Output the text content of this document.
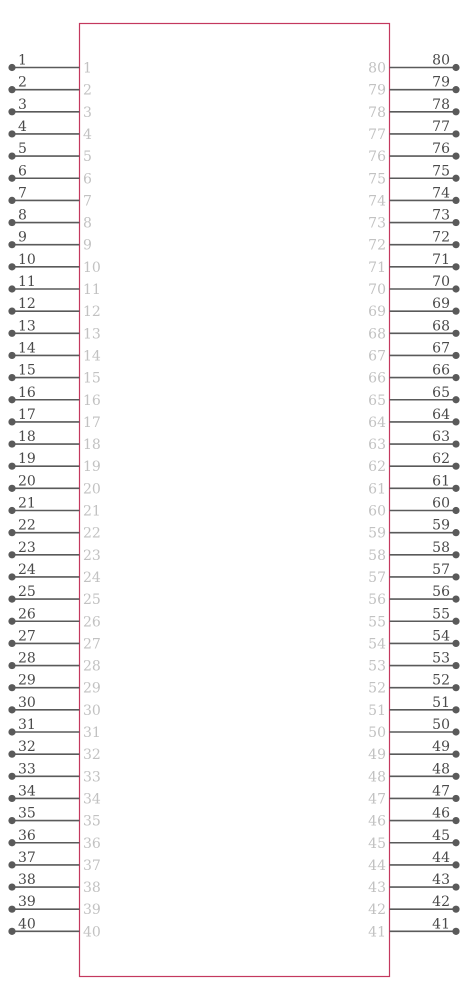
1	1
2	2
3	3
4	4
5	5
6	6
7	7
8	8
9	9
10	10
11	11
12	12
13	13
14	14
15	15
16	16
17	17
18	18
19	19
20	20
21	21
22	22
23	23
24	24
25	25
26	26
27	27
28	28
29	29
30	30
31	31
32	32
33	33
34	34
35	35
36	36
37	37
38	38
39	39
40	40
80
80
79
79
78
78
77
77
76
76
75
75
74
74
73
73
72
72
71
71
70
70
69
69
68
68
67
67
66
66
65
65
64
64
63
63
62
62
61
61
60
60
59
59
58
58
57
57
56
56
55
55
54
54
53
53
52
52
51
51
50
50
49
49
48
48
47
47
46
46
45
45
44
44
43
43
42
42
41
41
